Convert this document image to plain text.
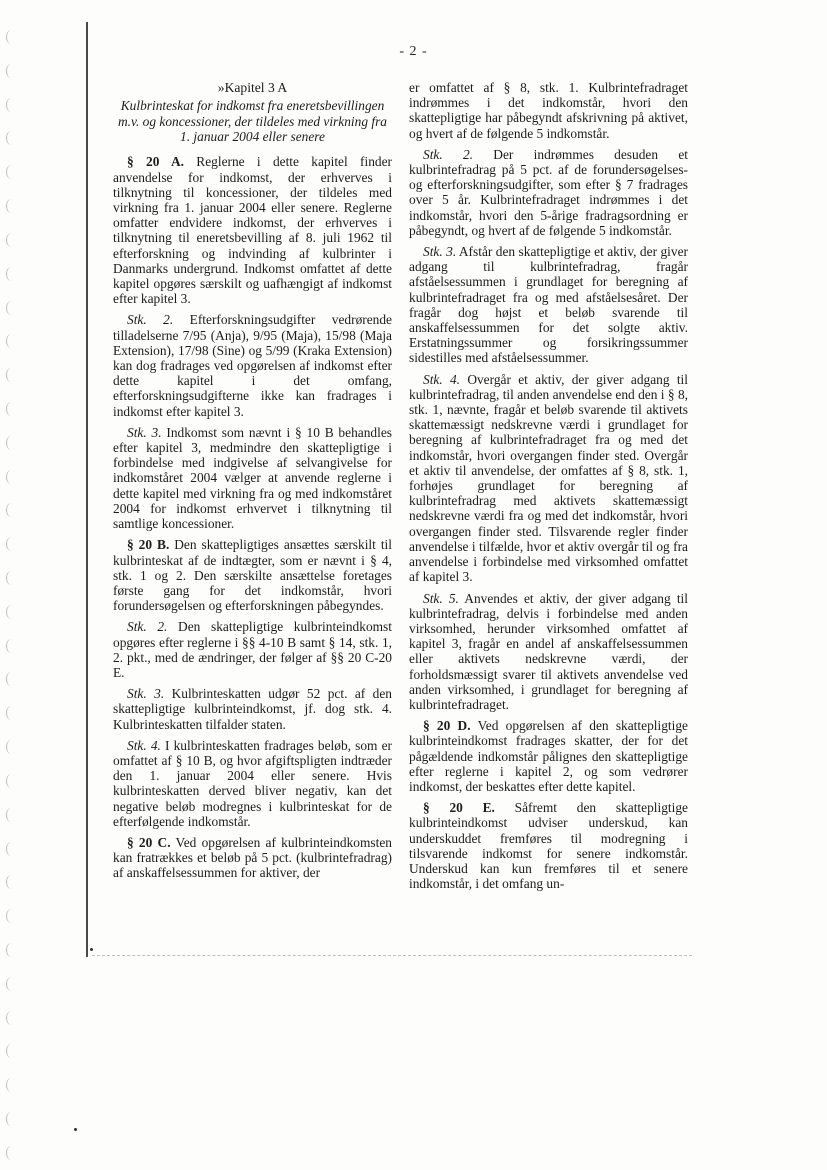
- 2 -
»Kapitel 3 A
Kulbrinteskat for indkomst fra eneretsbevillingen m.v. og koncessioner, der tildeles med virkning fra 1. januar 2004 eller senere

§ 20 A. Reglerne i dette kapitel finder anvendelse for indkomst, der erhverves i tilknytning til koncessioner, der tildeles med virkning fra 1. januar 2004 eller senere. Reglerne omfatter endvidere indkomst, der erhverves i tilknytning til eneretsbevilling af 8. juli 1962 til efterforskning og indvinding af kulbrinter i Danmarks undergrund. Indkomst omfattet af dette kapitel opgøres særskilt og uafhængigt af indkomst efter kapitel 3.

Stk. 2. Efterforskningsudgifter vedrørende tilladelserne 7/95 (Anja), 9/95 (Maja), 15/98 (Maja Extension), 17/98 (Sine) og 5/99 (Kraka Extension) kan dog fradrages ved opgørelsen af indkomst efter dette kapitel i det omfang, efterforskningsudgifterne ikke kan fradrages i indkomst efter kapitel 3.

Stk. 3. Indkomst som nævnt i § 10 B behandles efter kapitel 3, medmindre den skattepligtige i forbindelse med indgivelse af selvangivelse for indkomståret 2004 vælger at anvende reglerne i dette kapitel med virkning fra og med indkomståret 2004 for indkomst erhvervet i tilknytning til samtlige koncessioner.

§ 20 B. Den skattepligtiges ansættes særskilt til kulbrinteskat af de indtægter, som er nævnt i § 4, stk. 1 og 2. Den særskilte ansættelse foretages første gang for det indkomstår, hvori forundersøgelsen og efterforskningen påbegyndes.

Stk. 2. Den skattepligtige kulbrinteindkomst opgøres efter reglerne i §§ 4-10 B samt § 14, stk. 1, 2. pkt., med de ændringer, der følger af §§ 20 C-20 E.

Stk. 3. Kulbrinteskatten udgør 52 pct. af den skattepligtige kulbrinteindkomst, jf. dog stk. 4. Kulbrinteskatten tilfalder staten.

Stk. 4. I kulbrinteskatten fradrages beløb, som er omfattet af § 10 B, og hvor afgiftspligten indtræder den 1. januar 2004 eller senere. Hvis kulbrinteskatten derved bliver negativ, kan det negative beløb modregnes i kulbrinteskat for de efterfølgende indkomstår.

§ 20 C. Ved opgørelsen af kulbrinteindkomsten kan fratrækkes et beløb på 5 pct. (kulbrintefradrag) af anskaffelsessummen for aktiver, der

er omfattet af § 8, stk. 1. Kulbrintefradraget indrømmes i det indkomstår, hvori den skattepligtige har påbegyndt afskrivning på aktivet, og hvert af de følgende 5 indkomstår.

Stk. 2. Der indrømmes desuden et kulbrintefradrag på 5 pct. af de forundersøgelses- og efterforskningsudgifter, som efter § 7 fradrages over 5 år. Kulbrintefradraget indrømmes i det indkomstår, hvori den 5-årige fradragsordning er påbegyndt, og hvert af de følgende 5 indkomstår.

Stk. 3. Afstår den skattepligtige et aktiv, der giver adgang til kulbrintefradrag, fragår afståelsessummen i grundlaget for beregning af kulbrintefradraget fra og med afståelsesåret. Der fragår dog højst et beløb svarende til anskaffelsessummen for det solgte aktiv. Erstatningssummer og forsikringssummer sidestilles med afståelsessummer.

Stk. 4. Overgår et aktiv, der giver adgang til kulbrintefradrag, til anden anvendelse end den i § 8, stk. 1, nævnte, fragår et beløb svarende til aktivets skattemæssigt nedskrevne værdi i grundlaget for beregning af kulbrintefradraget fra og med det indkomstår, hvori overgangen finder sted. Overgår et aktiv til anvendelse, der omfattes af § 8, stk. 1, forhøjes grundlaget for beregning af kulbrintefradrag med aktivets skattemæssigt nedskrevne værdi fra og med det indkomstår, hvori overgangen finder sted. Tilsvarende regler finder anvendelse i tilfælde, hvor et aktiv overgår til og fra anvendelse i forbindelse med virksomhed omfattet af kapitel 3.

Stk. 5. Anvendes et aktiv, der giver adgang til kulbrintefradrag, delvis i forbindelse med anden virksomhed, herunder virksomhed omfattet af kapitel 3, fragår en andel af anskaffelsessummen eller aktivets nedskrevne værdi, der forholdsmæssigt svarer til aktivets anvendelse ved anden virksomhed, i grundlaget for beregning af kulbrintefradraget.

§ 20 D. Ved opgørelsen af den skattepligtige kulbrinteindkomst fradrages skatter, der for det pågældende indkomstår pålignes den skattepligtige efter reglerne i kapitel 2, og som vedrører indkomst, der beskattes efter dette kapitel.

§ 20 E. Såfremt den skattepligtige kulbrinteindkomst udviser underskud, kan underskuddet fremføres til modregning i tilsvarende indkomst for senere indkomstår. Underskud kan kun fremføres til et senere indkomstår, i det omfang un-
